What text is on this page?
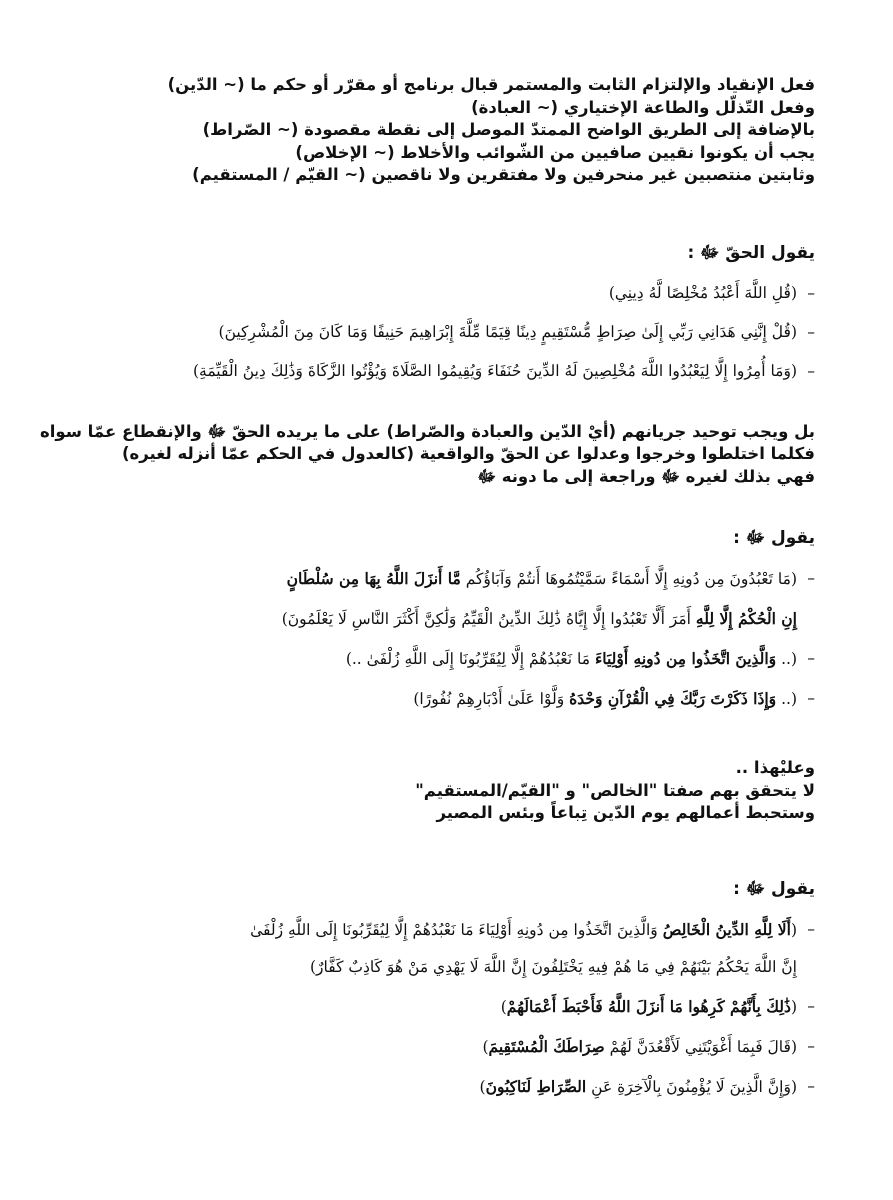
فعل الإنقياد والإلتزام الثابت والمستمر قبال برنامج أو مقرّر أو حكم ما (~ الدّين)

وفعل التّذلّل والطاعة الإختياري (~ العبادة)

بالإضافة إلى الطريق الواضح الممتدّ الموصل إلى نقطة مقصودة (~ الصّراط)

يجب أن يكونوا نقيين صافيين من الشّوائب والأخلاط (~ الإخلاص)

وثابتين منتصبين غير منحرفين ولا مفتقرين ولا ناقصين (~ القيّم / المستقيم)

يقول الحقّ ﷻ :

–
(قُلِ اللَّهَ أَعْبُدُ مُخْلِصًا لَّهُ دِينِي)
–
(قُلْ إِنَّنِي هَدَانِي رَبِّي إِلَىٰ صِرَاطٍ مُّسْتَقِيمٍ دِينًا قِيَمًا مِّلَّةَ إِبْرَاهِيمَ حَنِيفًا وَمَا كَانَ مِنَ الْمُشْرِكِينَ)
–
(وَمَا أُمِرُوا إِلَّا لِيَعْبُدُوا اللَّهَ مُخْلِصِينَ لَهُ الدِّينَ حُنَفَاءَ وَيُقِيمُوا الصَّلَاةَ وَيُؤْتُوا الزَّكَاةَ وَذَٰلِكَ دِينُ الْقَيِّمَةِ)

بل ويجب توحيد جريانهم (أيْ الدّين والعبادة والصّراط) على ما يريده الحقّ ﷻ والإنقطاع عمّا سواه

فكلما اختلطوا وخرجوا وعدلوا عن الحقّ والواقعية (كالعدول في الحكم عمّا أنزله لغيره)

فهي بذلك لغيره ﷻ وراجعة إلى ما دونه ﷻ

يقول ﷻ :

–
(مَا تَعْبُدُونَ مِن دُونِهِ إِلَّا أَسْمَاءً سَمَّيْتُمُوهَا أَنتُمْ وَآبَاؤُكُم مَّا أَنزَلَ اللَّهُ بِهَا مِن سُلْطَانٍ
إِنِ الْحُكْمُ إِلَّا لِلَّهِ أَمَرَ أَلَّا تَعْبُدُوا إِلَّا إِيَّاهُ ذَٰلِكَ الدِّينُ الْقَيِّمُ وَلَٰكِنَّ أَكْثَرَ النَّاسِ لَا يَعْلَمُونَ)
–
(.. وَالَّذِينَ اتَّخَذُوا مِن دُونِهِ أَوْلِيَاءَ مَا نَعْبُدُهُمْ إِلَّا لِيُقَرِّبُونَا إِلَى اللَّهِ زُلْفَىٰ ..)
–
(.. وَإِذَا ذَكَرْتَ رَبَّكَ فِي الْقُرْآنِ وَحْدَهُ وَلَّوْا عَلَىٰ أَدْبَارِهِمْ نُفُورًا)

وعليْهذا ..

لا يتحقق بهم صفتا "الخالص" و "القيّم/المستقيم"

وستحبط أعمالهم يوم الدّين تِباعاً وبئس المصير

يقول ﷻ :

–
(أَلَا لِلَّهِ الدِّينُ الْخَالِصُ وَالَّذِينَ اتَّخَذُوا مِن دُونِهِ أَوْلِيَاءَ مَا نَعْبُدُهُمْ إِلَّا لِيُقَرِّبُونَا إِلَى اللَّهِ زُلْفَىٰ
إِنَّ اللَّهَ يَحْكُمُ بَيْنَهُمْ فِي مَا هُمْ فِيهِ يَخْتَلِفُونَ إِنَّ اللَّهَ لَا يَهْدِي مَنْ هُوَ كَاذِبٌ كَفَّارٌ)
–
(ذَٰلِكَ بِأَنَّهُمْ كَرِهُوا مَا أَنزَلَ اللَّهُ فَأَحْبَطَ أَعْمَالَهُمْ)
–
(قَالَ فَبِمَا أَغْوَيْتَنِي لَأَقْعُدَنَّ لَهُمْ صِرَاطَكَ الْمُسْتَقِيمَ)
–
(وَإِنَّ الَّذِينَ لَا يُؤْمِنُونَ بِالْآخِرَةِ عَنِ الصِّرَاطِ لَنَاكِبُونَ)
